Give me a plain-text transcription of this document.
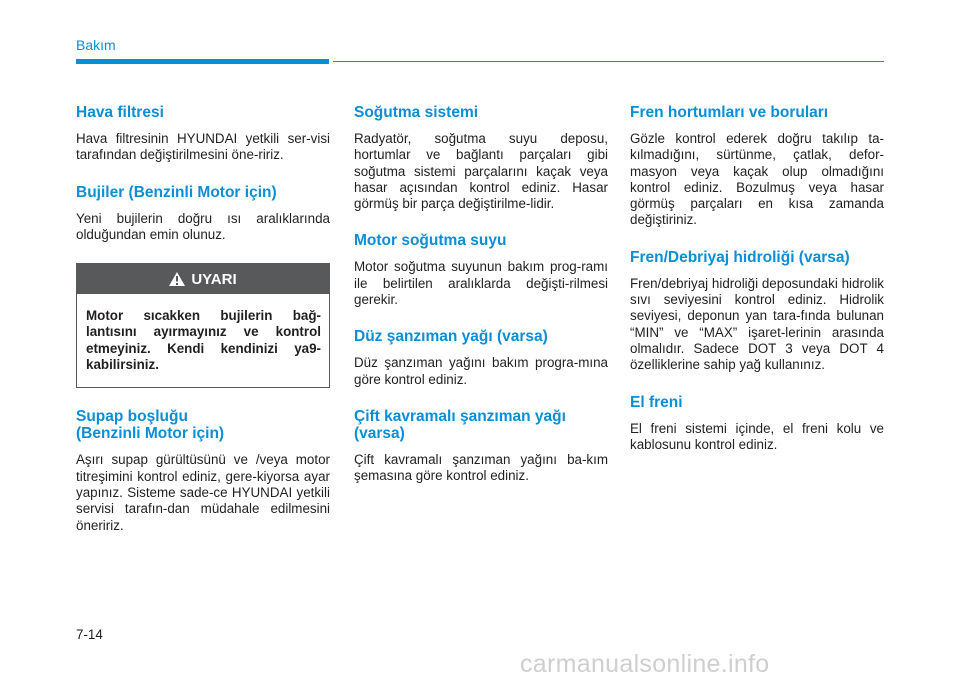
Bakım
Hava filtresi

Hava filtresinin HYUNDAI yetkili ser-visi tarafından değiştirilmesini öne-ririz.

Bujiler (Benzinli Motor için)

Yeni bujilerin doğru ısı aralıklarında olduğundan emin olunuz.

UYARI
Motor sıcakken bujilerin bağ-lantısını ayırmayınız ve kontrol etmeyiniz. Kendi kendinizi ya9-kabilirsiniz.
Supap boşluğu
(Benzinli Motor için)

Aşırı supap gürültüsünü ve /veya motor titreşimini kontrol ediniz, gere-kiyorsa ayar yapınız. Sisteme sade-ce HYUNDAI yetkili servisi tarafın-dan müdahale edilmesini öneririz.

Soğutma sistemi

Radyatör, soğutma suyu deposu, hortumlar ve bağlantı parçaları gibi soğutma sistemi parçalarını kaçak veya hasar açısından kontrol ediniz. Hasar görmüş bir parça değiştirilme-lidir.

Motor soğutma suyu

Motor soğutma suyunun bakım prog-ramı ile belirtilen aralıklarda değişti-rilmesi gerekir.

Düz şanzıman yağı (varsa)

Düz şanzıman yağını bakım progra-mına göre kontrol ediniz.

Çift kavramalı şanzıman yağı
(varsa)

Çift kavramalı şanzıman yağını ba-kım şemasına göre kontrol ediniz.

Fren hortumları ve boruları

Gözle kontrol ederek doğru takılıp ta-kılmadığını, sürtünme, çatlak, defor-masyon veya kaçak olup olmadığını kontrol ediniz. Bozulmuş veya hasar görmüş parçaları en kısa zamanda değiştiriniz.

Fren/Debriyaj hidroliği (varsa)

Fren/debriyaj hidroliği deposundaki hidrolik sıvı seviyesini kontrol ediniz. Hidrolik seviyesi, deponun yan tara-fında bulunan “MIN” ve “MAX” işaret-lerinin arasında olmalıdır. Sadece DOT 3 veya DOT 4 özelliklerine sahip yağ kullanınız.

El freni

El freni sistemi içinde, el freni kolu ve kablosunu kontrol ediniz.

7-14
carmanualsonline.info
